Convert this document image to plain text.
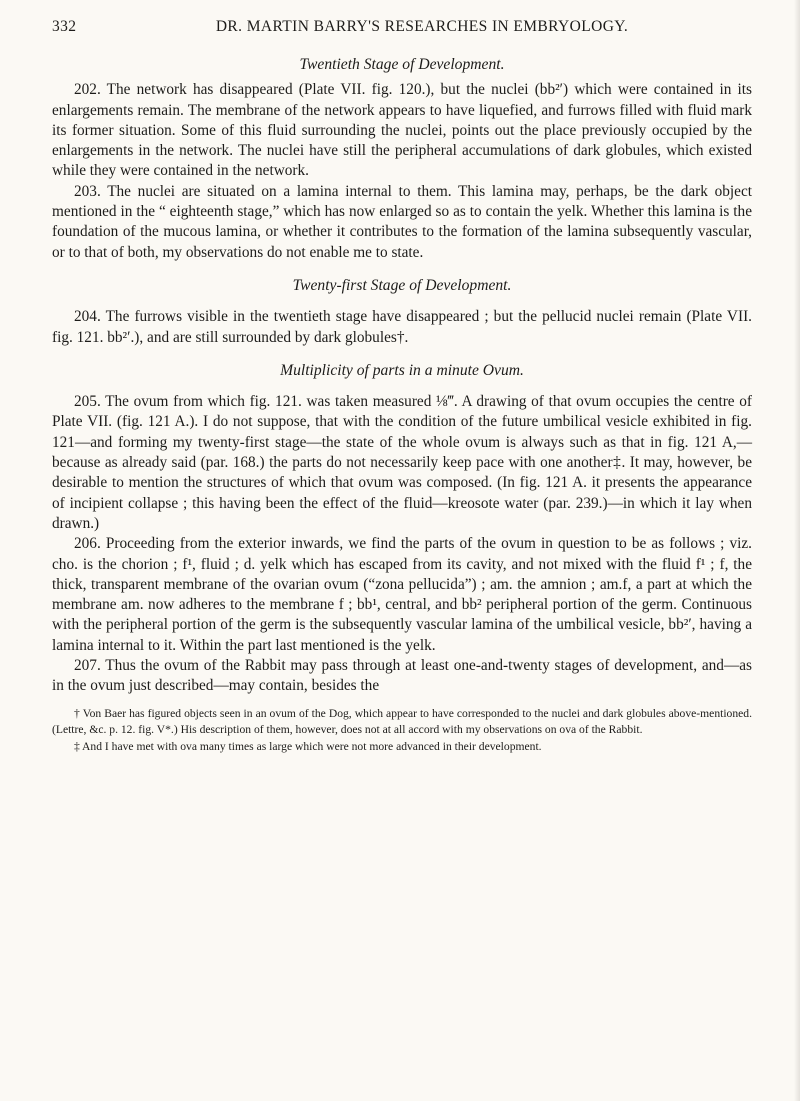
332	DR. MARTIN BARRY'S RESEARCHES IN EMBRYOLOGY.
Twentieth Stage of Development.

202. The network has disappeared (Plate VII. fig. 120.), but the nuclei (bb²′) which were contained in its enlargements remain. The membrane of the network appears to have liquefied, and furrows filled with fluid mark its former situation. Some of this fluid surrounding the nuclei, points out the place previously occupied by the enlargements in the network. The nuclei have still the peripheral accumulations of dark globules, which existed while they were contained in the network.

203. The nuclei are situated on a lamina internal to them. This lamina may, perhaps, be the dark object mentioned in the “ eighteenth stage,” which has now enlarged so as to contain the yelk. Whether this lamina is the foundation of the mucous lamina, or whether it contributes to the formation of the lamina subsequently vascular, or to that of both, my observations do not enable me to state.

Twenty-first Stage of Development.

204. The furrows visible in the twentieth stage have disappeared ; but the pellucid nuclei remain (Plate VII. fig. 121. bb²′.), and are still surrounded by dark globules†.

Multiplicity of parts in a minute Ovum.

205. The ovum from which fig. 121. was taken measured ⅛‴. A drawing of that ovum occupies the centre of Plate VII. (fig. 121 A.). I do not suppose, that with the condition of the future umbilical vesicle exhibited in fig. 121—and forming my twenty-first stage—the state of the whole ovum is always such as that in fig. 121 A,—because as already said (par. 168.) the parts do not necessarily keep pace with one another‡. It may, however, be desirable to mention the structures of which that ovum was composed. (In fig. 121 A. it presents the appearance of incipient collapse ; this having been the effect of the fluid—kreosote water (par. 239.)—in which it lay when drawn.)

206. Proceeding from the exterior inwards, we find the parts of the ovum in question to be as follows ; viz. cho. is the chorion ; f¹, fluid ; d. yelk which has escaped from its cavity, and not mixed with the fluid f¹ ; f, the thick, transparent membrane of the ovarian ovum (“zona pellucida”) ; am. the amnion ; am.f, a part at which the membrane am. now adheres to the membrane f ; bb¹, central, and bb² peripheral portion of the germ. Continuous with the peripheral portion of the germ is the subsequently vascular lamina of the umbilical vesicle, bb²′, having a lamina internal to it. Within the part last mentioned is the yelk.

207. Thus the ovum of the Rabbit may pass through at least one-and-twenty stages of development, and—as in the ovum just described—may contain, besides the

† Von Baer has figured objects seen in an ovum of the Dog, which appear to have corresponded to the nuclei and dark globules above-mentioned. (Lettre, &c. p. 12. fig. V*.) His description of them, however, does not at all accord with my observations on ova of the Rabbit.

‡ And I have met with ova many times as large which were not more advanced in their development.
